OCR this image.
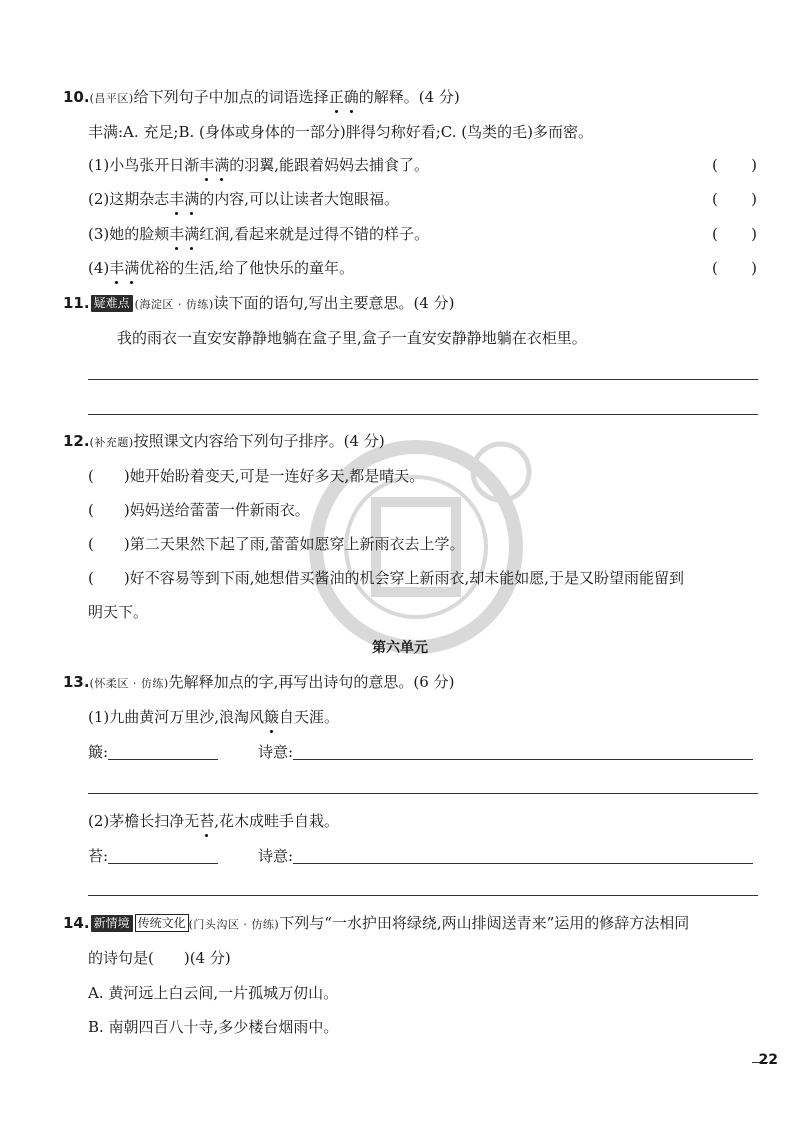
10.(昌平区)给下列句子中加点的词语选择正确的解释。(4 分)
丰满:A. 充足;B. (身体或身体的一部分)胖得匀称好看;C. (鸟类的毛)多而密。
(1)小鸟张开日渐丰满的羽翼,能跟着妈妈去捕食了。	( )
(2)这期杂志丰满的内容,可以让读者大饱眼福。	( )
(3)她的脸颊丰满红润,看起来就是过得不错的样子。	( )
(4)丰满优裕的生活,给了他快乐的童年。	( )
11. 疑难点 (海淀区 · 仿练)读下面的语句,写出主要意思。(4 分)
我的雨衣一直安安静静地躺在盒子里,盒子一直安安静静地躺在衣柜里。
12.(补充题)按照课文内容给下列句子排序。(4 分)
(　　)她开始盼着变天,可是一连好多天,都是晴天。
(　　)妈妈送给蕾蕾一件新雨衣。
(　　)第二天果然下起了雨,蕾蕾如愿穿上新雨衣去上学。
(　　)好不容易等到下雨,她想借买酱油的机会穿上新雨衣,却未能如愿,于是又盼望雨能留到
明天下。
第六单元
13.(怀柔区 · 仿练)先解释加点的字,再写出诗句的意思。(6 分)
(1)九曲黄河万里沙,浪淘风簸自天涯。
簸:	诗意:
(2)茅檐长扫净无苔,花木成畦手自栽。
苔:	诗意:
14. 新情境 传统文化 (门头沟区 · 仿练)下列与“一水护田将绿绕,两山排闼送青来”运用的修辞方法相同
的诗句是(　　)(4 分)
A. 黄河远上白云间,一片孤城万仞山。
B. 南朝四百八十寺,多少楼台烟雨中。
22
